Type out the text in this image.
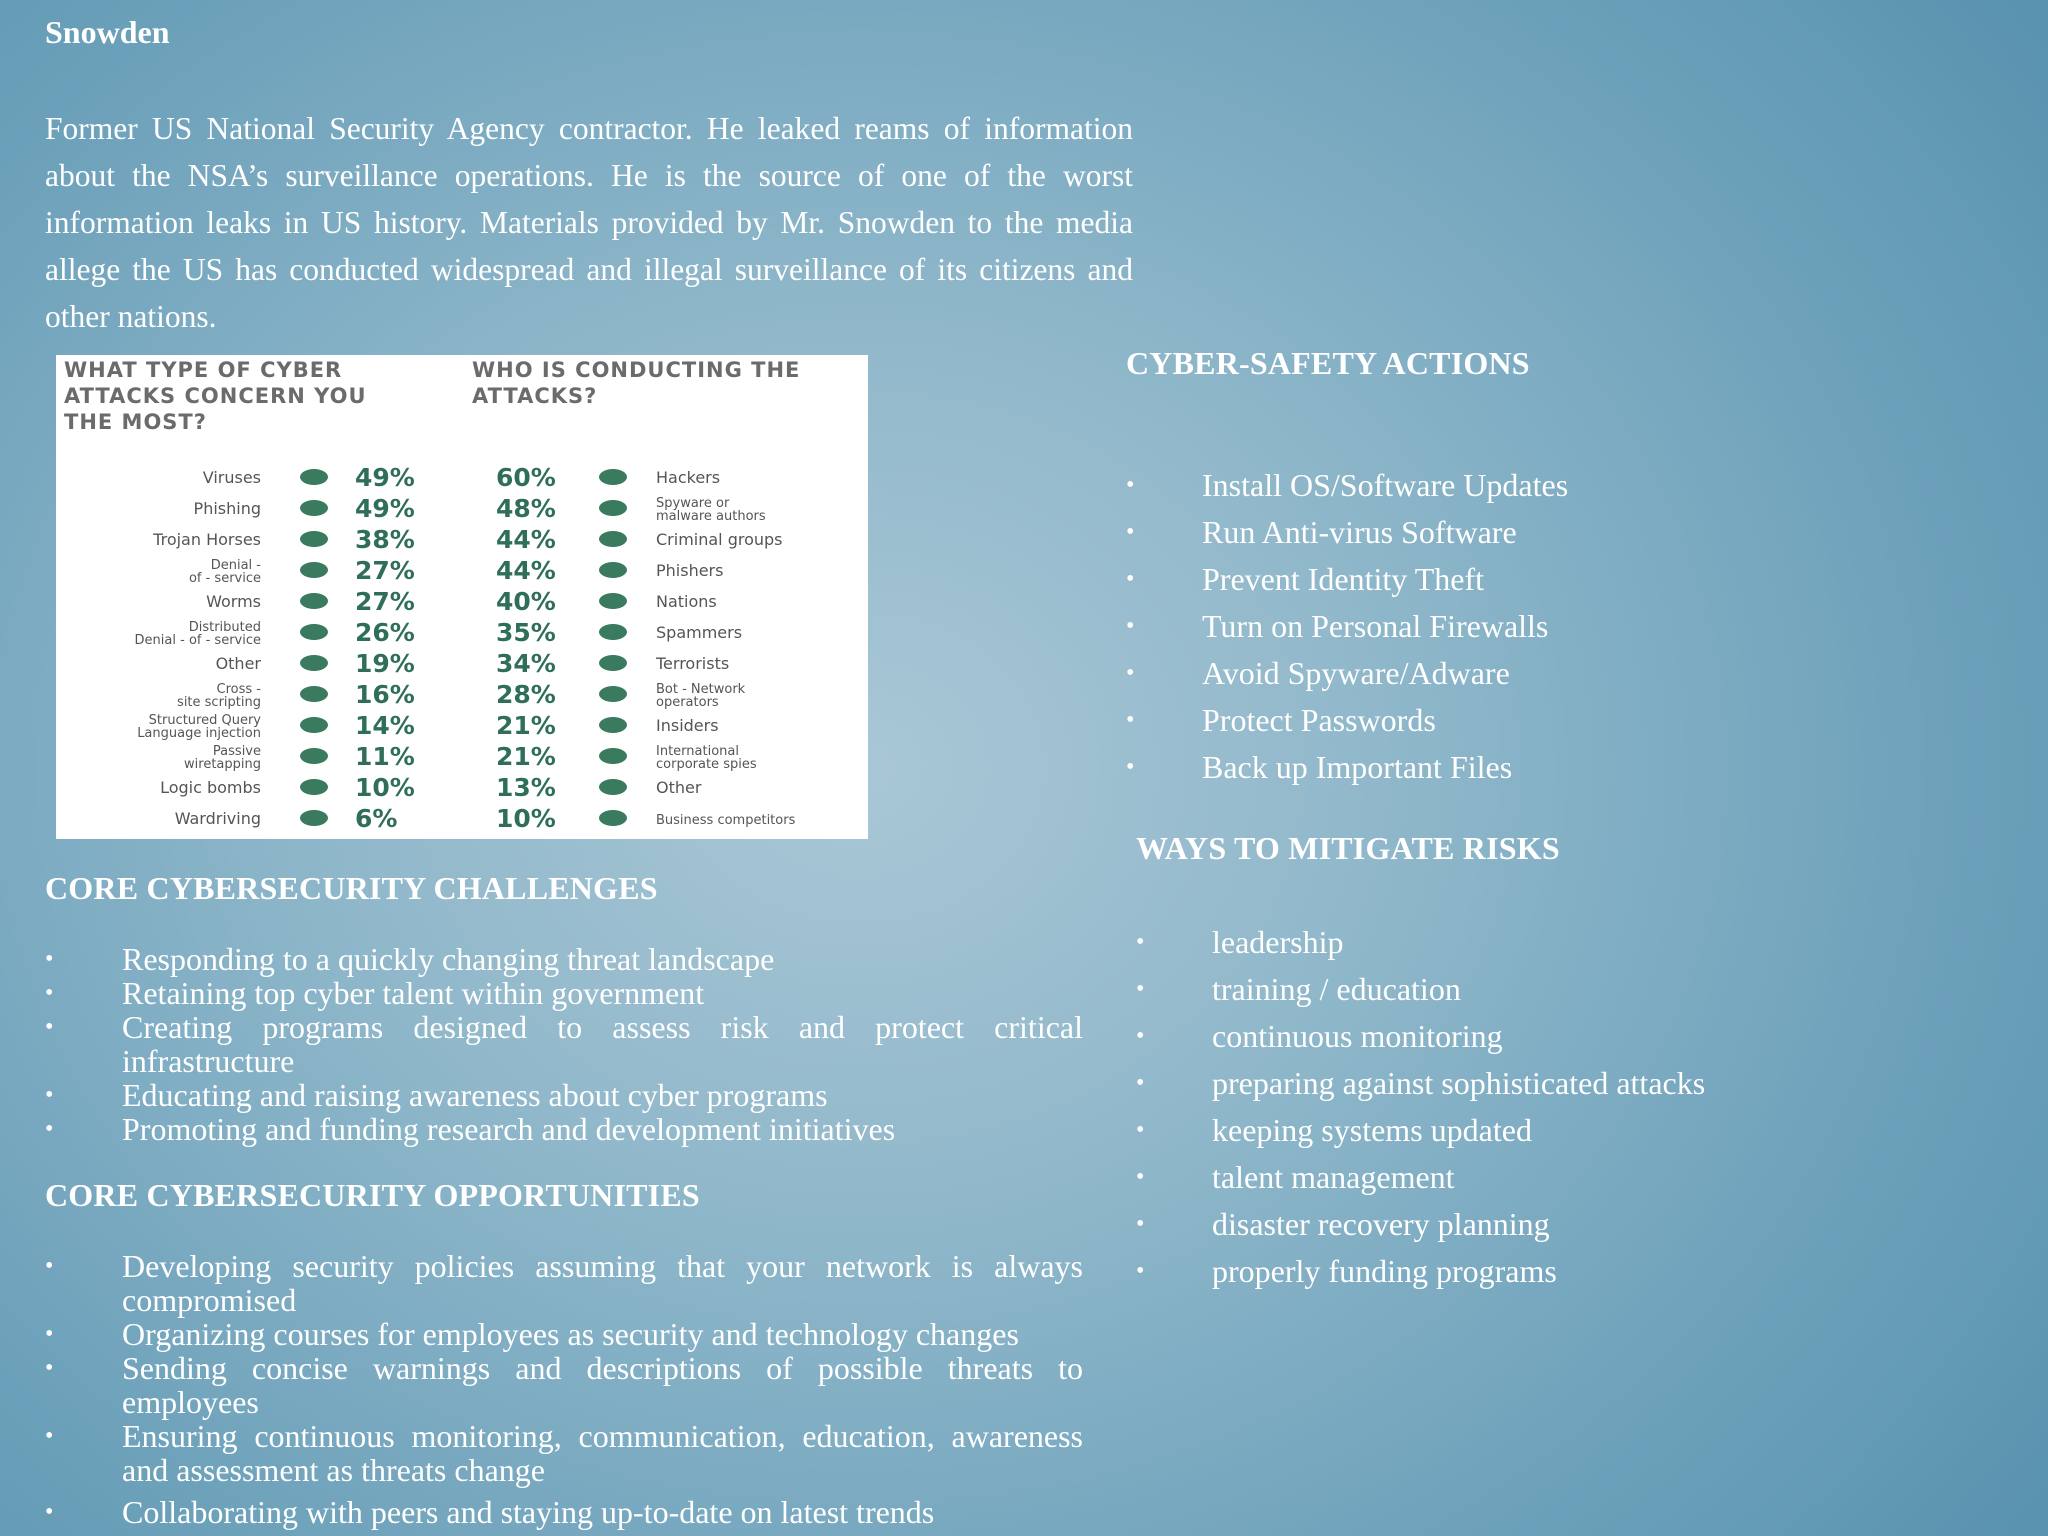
Snowden
Former US National Security Agency contractor. He leaked reams of information about the NSA’s surveillance operations. He is the source of one of the worst information leaks in US history. Materials provided by Mr. Snowden to the media allege the US has conducted widespread and illegal surveillance of its citizens and other nations.
WHAT TYPE OF CYBER
ATTACKS CONCERN YOU
THE MOST?
WHO IS CONDUCTING THE
ATTACKS?
Viruses	49%
Phishing	49%
Trojan Horses	38%
Denial -
of - service	27%
Worms	27%
Distributed
Denial - of - service	26%
Other	19%
Cross -
site scripting	16%
Structured Query
Language injection	14%
Passive
wiretapping	11%
Logic bombs	10%
Wardriving	6%
60%	Hackers
48%	Spyware or
malware authors
44%	Criminal groups
44%	Phishers
40%	Nations
35%	Spammers
34%	Terrorists
28%	Bot - Network
operators
21%	Insiders
21%	International
corporate spies
13%	Other
10%	Business competitors
CORE CYBERSECURITY CHALLENGES
• Responding to a quickly changing threat landscape
• Retaining top cyber talent within government
• Creating programs designed to assess risk and protect critical infrastructure
• Educating and raising awareness about cyber programs
• Promoting and funding research and development initiatives
CORE CYBERSECURITY OPPORTUNITIES
• Developing security policies assuming that your network is always compromised
• Organizing courses for employees as security and technology changes
• Sending concise warnings and descriptions of possible threats to employees
• Ensuring continuous monitoring, communication, education, awareness and assessment as threats change
• Collaborating with peers and staying up-to-date on latest trends
CYBER-SAFETY ACTIONS
• Install OS/Software Updates
• Run Anti-virus Software
• Prevent Identity Theft
• Turn on Personal Firewalls
• Avoid Spyware/Adware
• Protect Passwords
• Back up Important Files
WAYS TO MITIGATE RISKS
• leadership
• training / education
• continuous monitoring
• preparing against sophisticated attacks
• keeping systems updated
• talent management
• disaster recovery planning
• properly funding programs
